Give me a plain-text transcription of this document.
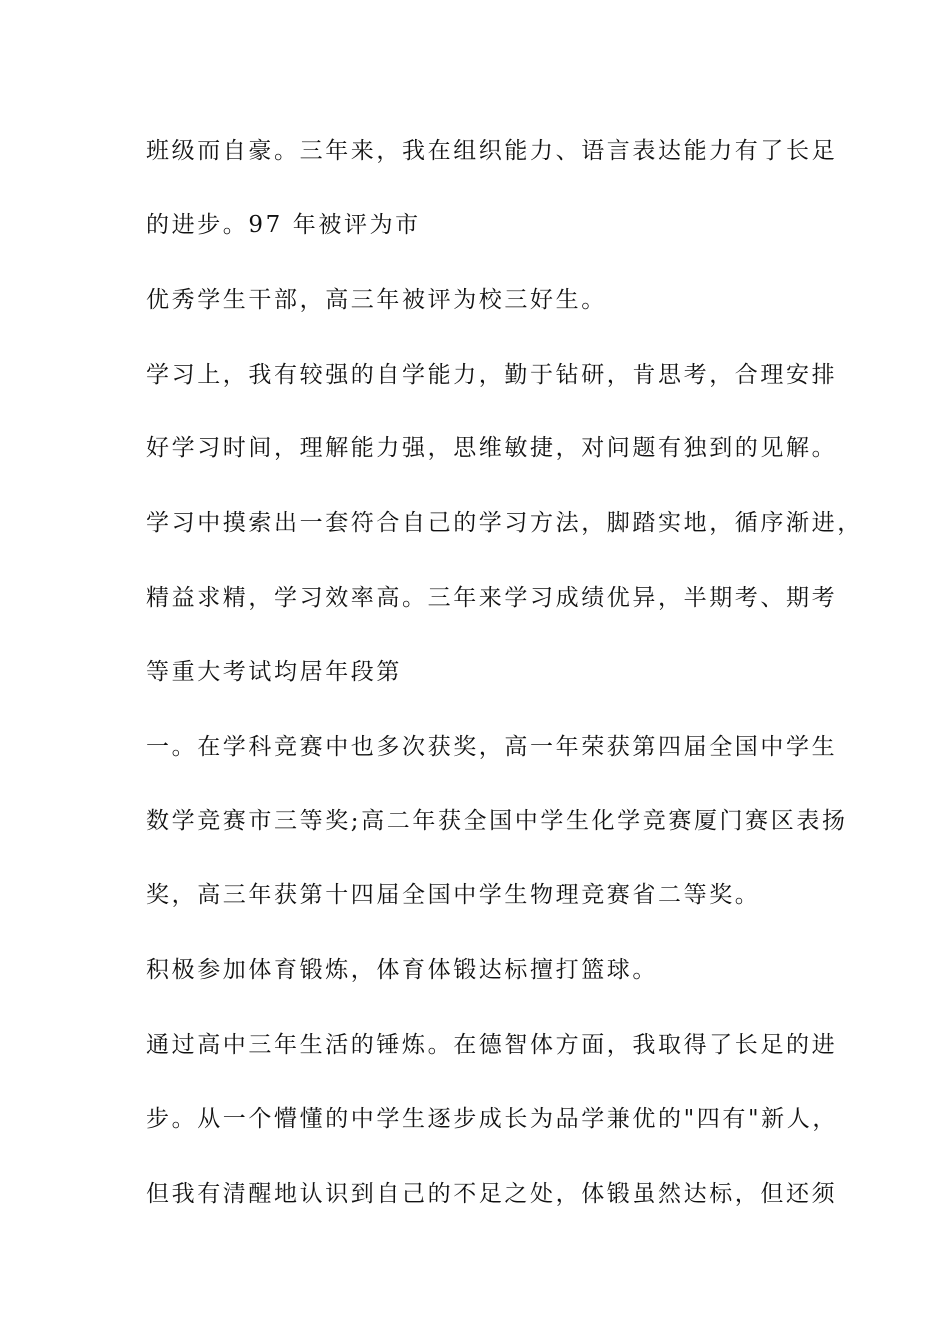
班级而自豪。三年来，我在组织能力、语言表达能力有了长足
的进步。97 年被评为市
优秀学生干部，高三年被评为校三好生。
学习上，我有较强的自学能力，勤于钻研，肯思考，合理安排
好学习时间，理解能力强，思维敏捷，对问题有独到的见解。
学习中摸索出一套符合自己的学习方法，脚踏实地，循序渐进，
精益求精，学习效率高。三年来学习成绩优异，半期考、期考
等重大考试均居年段第
一。在学科竞赛中也多次获奖，高一年荣获第四届全国中学生
数学竞赛市三等奖;高二年获全国中学生化学竞赛厦门赛区表扬
奖，高三年获第十四届全国中学生物理竞赛省二等奖。
积极参加体育锻炼，体育体锻达标擅打篮球。
通过高中三年生活的锤炼。在德智体方面，我取得了长足的进
步。从一个懵懂的中学生逐步成长为品学兼优的"四有"新人，
但我有清醒地认识到自己的不足之处，体锻虽然达标，但还须
